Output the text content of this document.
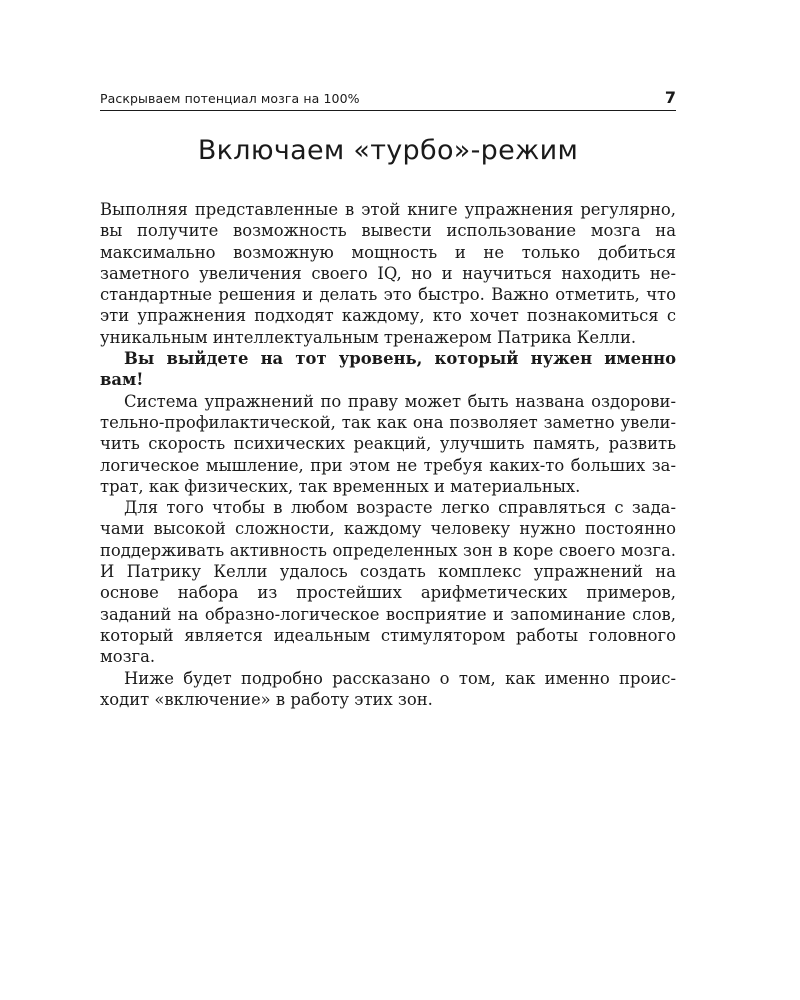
Раскрываем потенциал мозга на 100%	7
Включаем «турбо»-режим

Выполняя представленные в этой книге упражнения регулярно, вы получите возможность вывести использование мозга на максимально возможную мощность и не только добиться заметного увеличения своего IQ, но и научиться находить нестандартные решения и делать это быстро. Важно отметить, что эти упражнения подходят каждому, кто хочет познакомиться с уникальным интеллектуальным тренажером Патрика Келли.

Вы выйдете на тот уровень, который нужен именно вам!

Система упражнений по праву может быть названа оздоровительно-профилактической, так как она позволяет заметно увеличить скорость психических реакций, улучшить память, развить логическое мышление, при этом не требуя каких-то больших затрат, как физических, так временных и материальных.

Для того чтобы в любом возрасте легко справляться с задачами высокой сложности, каждому человеку нужно постоянно поддерживать активность определенных зон в коре своего мозга. И Патрику Келли удалось создать комплекс упражнений на основе набора из простейших арифметических примеров, заданий на образно-логическое восприятие и запоминание слов, который является идеальным стимулятором работы головного мозга.

Ниже будет подробно рассказано о том, как именно происходит «включение» в работу этих зон.
